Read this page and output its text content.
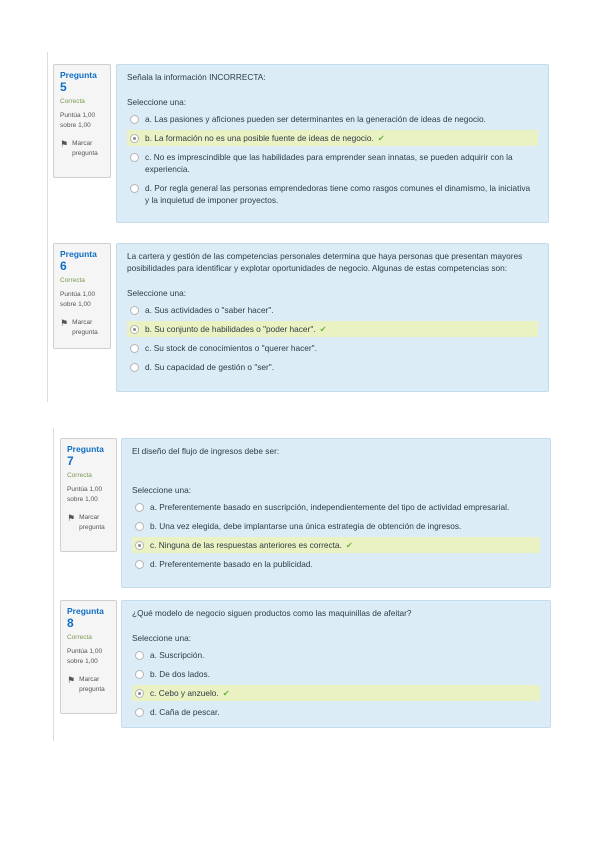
Pregunta 5
Correcta
Puntúa 1,00
sobre 1,00
⚑ Marcar
pregunta
Señala la información INCORRECTA:
Seleccione una:
a. Las pasiones y aficiones pueden ser determinantes en la generación de ideas de negocio.
b. La formación no es una posible fuente de ideas de negocio. ✔
c. No es imprescindible que las habilidades para emprender sean innatas, se pueden adquirir con la experiencia.
d. Por regla general las personas emprendedoras tiene como rasgos comunes el dinamismo, la iniciativa y la inquietud de imponer proyectos.
Pregunta 6
Correcta
Puntúa 1,00
sobre 1,00
⚑ Marcar
pregunta
La cartera y gestión de las competencias personales determina que haya personas que presentan mayores posibilidades para identificar y explotar oportunidades de negocio. Algunas de estas competencias son:
Seleccione una:
a. Sus actividades o "saber hacer".
b. Su conjunto de habilidades o "poder hacer". ✔
c. Su stock de conocimientos o "querer hacer".
d. Su capacidad de gestión o "ser".
Pregunta 7
Correcta
Puntúa 1,00
sobre 1,00
⚑ Marcar
pregunta
El diseño del flujo de ingresos debe ser:
Seleccione una:
a. Preferentemente basado en suscripción, independientemente del tipo de actividad empresarial.
b. Una vez elegida, debe implantarse una única estrategia de obtención de ingresos.
c. Ninguna de las respuestas anteriores es correcta. ✔
d. Preferentemente basado en la publicidad.
Pregunta 8
Correcta
Puntúa 1,00
sobre 1,00
⚑ Marcar
pregunta
¿Qué modelo de negocio siguen productos como las maquinillas de afeitar?
Seleccione una:
a. Suscripción.
b. De dos lados.
c. Cebo y anzuelo. ✔
d. Caña de pescar.
